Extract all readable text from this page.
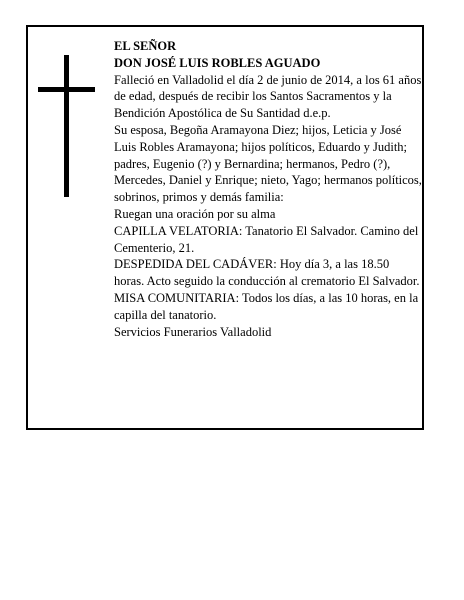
EL SEÑOR

DON JOSÉ LUIS ROBLES AGUADO

Falleció en Valladolid el día 2 de junio de 2014, a los 61 años de edad, después de recibir los Santos Sacramentos y la Bendición Apostólica de Su Santidad d.e.p.

Su esposa, Begoña Aramayona Diez; hijos, Leticia y José Luis Robles Aramayona; hijos políticos, Eduardo y Judith; padres, Eugenio (?) y Bernardina; hermanos, Pedro (?), Mercedes, Daniel y Enrique; nieto, Yago; hermanos políticos, sobrinos, primos y demás familia:

Ruegan una oración por su alma

CAPILLA VELATORIA: Tanatorio El Salvador. Camino del Cementerio, 21.

DESPEDIDA DEL CADÁVER: Hoy día 3, a las 18.50 horas. Acto seguido la conducción al crematorio El Salvador.

MISA COMUNITARIA: Todos los días, a las 10 horas, en la capilla del tanatorio.

Servicios Funerarios Valladolid
